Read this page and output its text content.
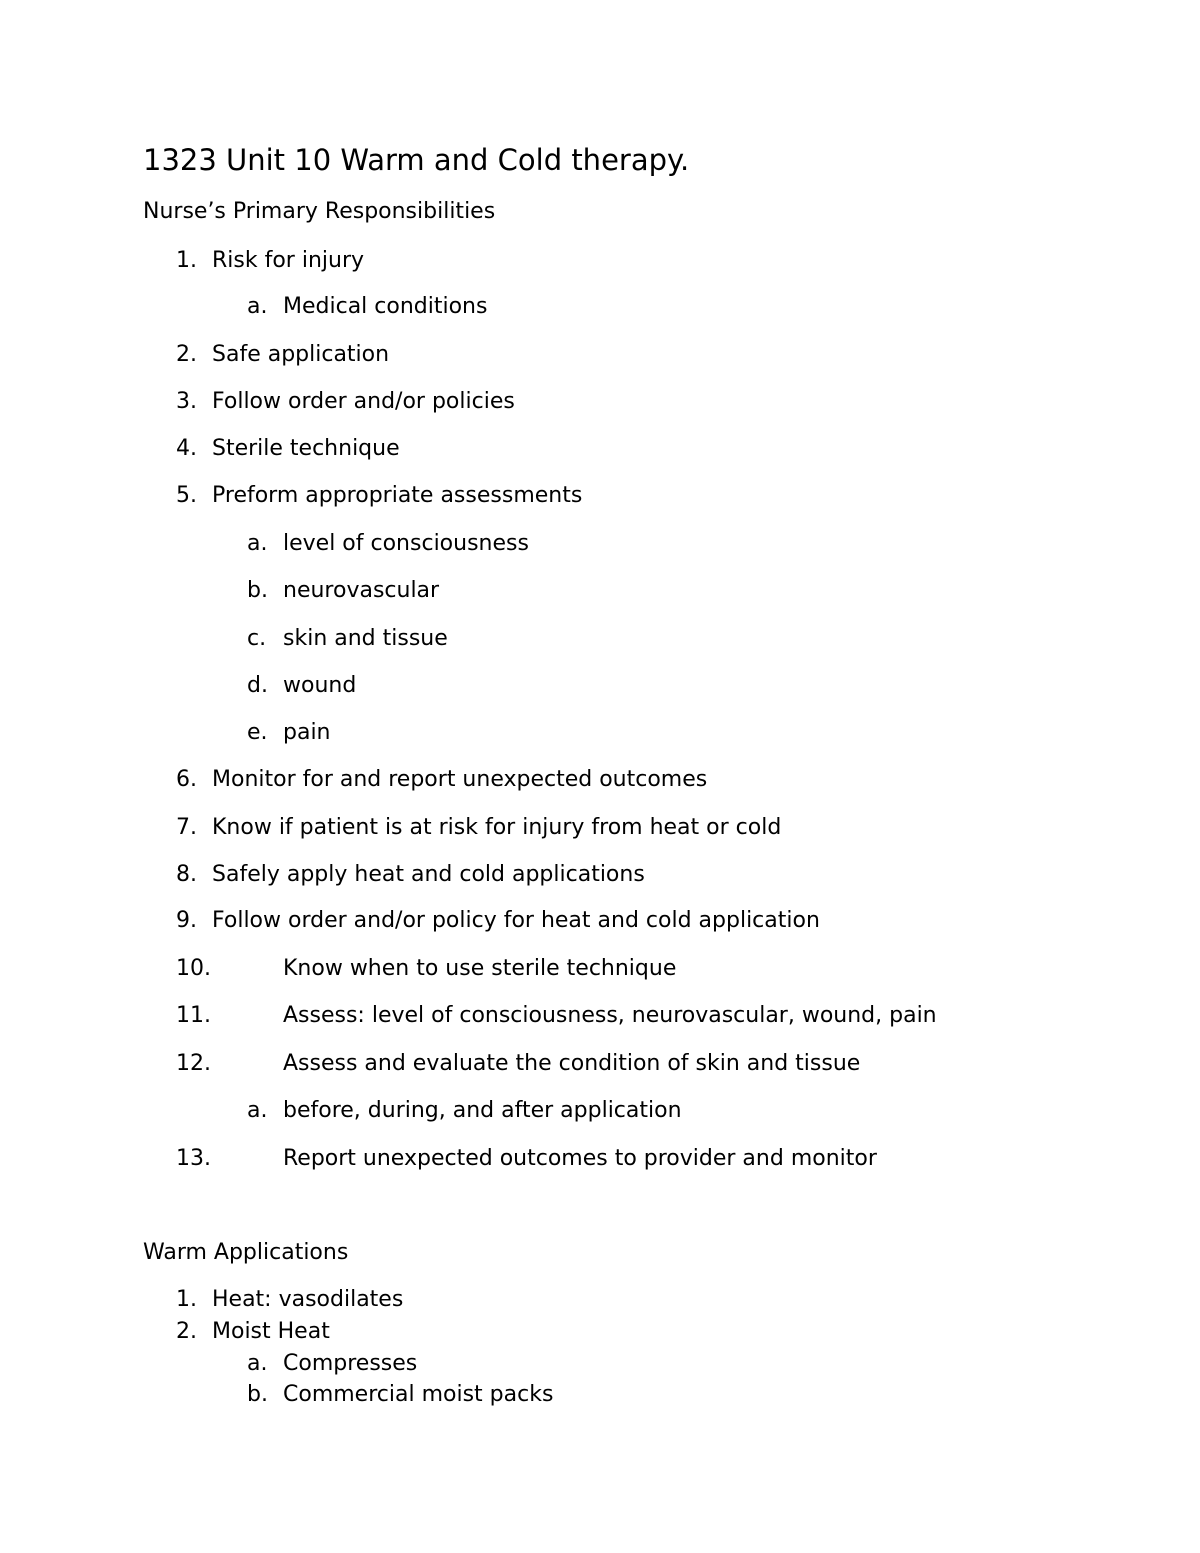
1323 Unit 10 Warm and Cold therapy.
Nurse’s Primary Responsibilities
1. Risk for injury
a. Medical conditions
2. Safe application
3. Follow order and/or policies
4. Sterile technique
5. Preform appropriate assessments
a. level of consciousness
b. neurovascular
c. skin and tissue
d. wound
e. pain
6. Monitor for and report unexpected outcomes
7. Know if patient is at risk for injury from heat or cold
8. Safely apply heat and cold applications
9. Follow order and/or policy for heat and cold application
10.	Know when to use sterile technique
11.	Assess: level of consciousness, neurovascular, wound, pain
12.	Assess and evaluate the condition of skin and tissue
a. before, during, and after application
13.	Report unexpected outcomes to provider and monitor
Warm Applications
1. Heat: vasodilates
2. Moist Heat
a. Compresses
b. Commercial moist packs
